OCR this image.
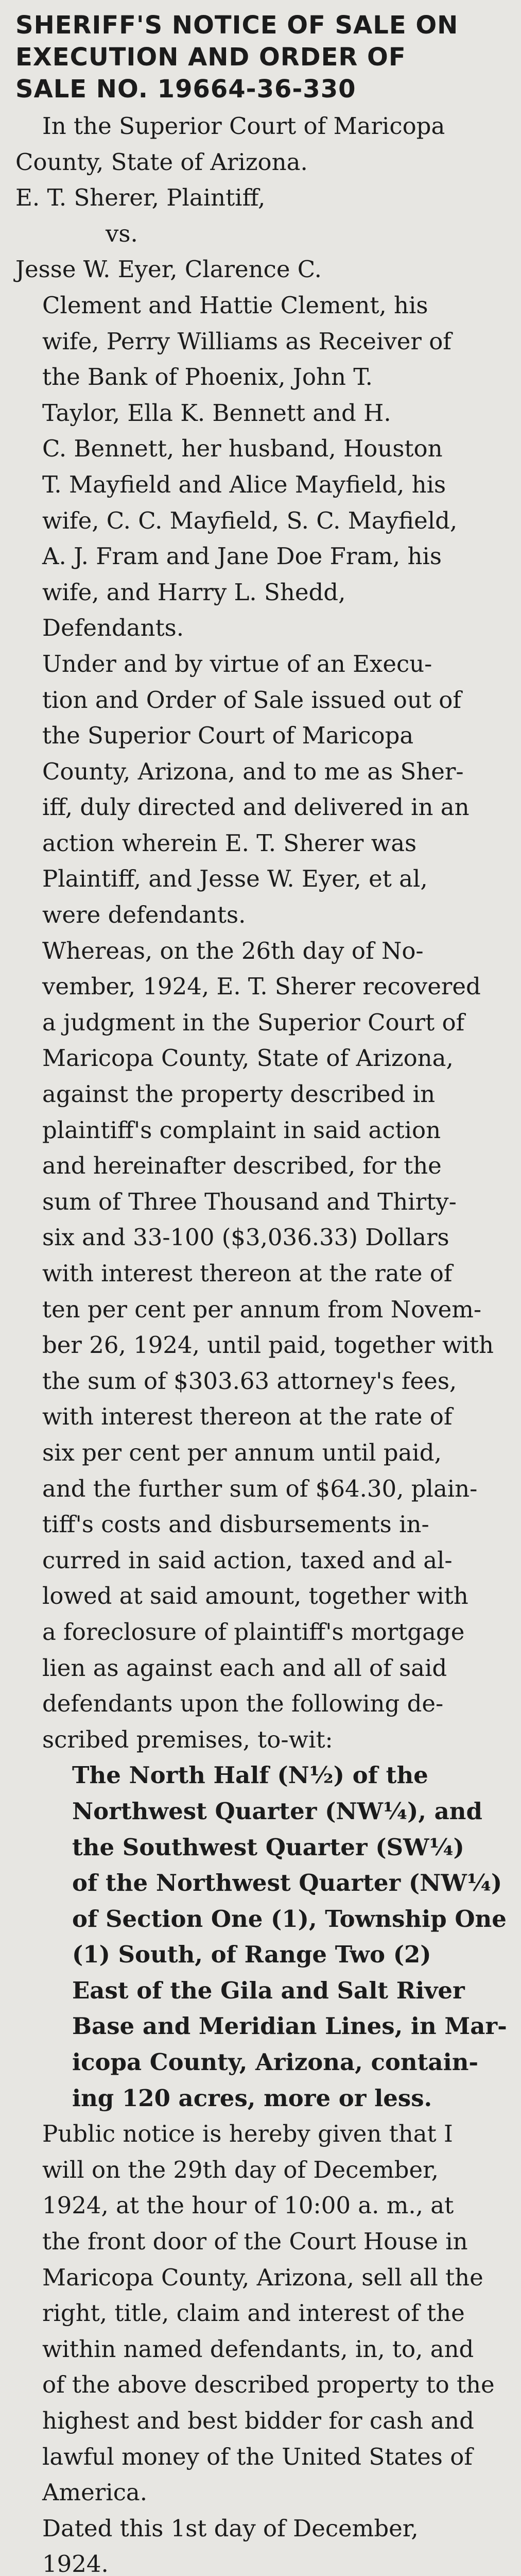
SHERIFF'S NOTICE OF SALE ON
EXECUTION AND ORDER OF
SALE NO. 19664-36-330
In the Superior Court of Maricopa
County, State of Arizona.
E. T. Sherer, Plaintiff,
vs.
Jesse W. Eyer, Clarence C.
Clement and Hattie Clement, his
wife, Perry Williams as Receiver of
the Bank of Phoenix, John T.
Taylor, Ella K. Bennett and H.
C. Bennett, her husband, Houston
T. Mayfield and Alice Mayfield, his
wife, C. C. Mayfield, S. C. Mayfield,
A. J. Fram and Jane Doe Fram, his
wife, and Harry L. Shedd,
Defendants.
Under and by virtue of an Execu-
tion and Order of Sale issued out of
the Superior Court of Maricopa
County, Arizona, and to me as Sher-
iff, duly directed and delivered in an
action wherein E. T. Sherer was
Plaintiff, and Jesse W. Eyer, et al,
were defendants.
Whereas, on the 26th day of No-
vember, 1924, E. T. Sherer recovered
a judgment in the Superior Court of
Maricopa County, State of Arizona,
against the property described in
plaintiff's complaint in said action
and hereinafter described, for the
sum of Three Thousand and Thirty-
six and 33-100 ($3,036.33) Dollars
with interest thereon at the rate of
ten per cent per annum from Novem-
ber 26, 1924, until paid, together with
the sum of $303.63 attorney's fees,
with interest thereon at the rate of
six per cent per annum until paid,
and the further sum of $64.30, plain-
tiff's costs and disbursements in-
curred in said action, taxed and al-
lowed at said amount, together with
a foreclosure of plaintiff's mortgage
lien as against each and all of said
defendants upon the following de-
scribed premises, to-wit:
The North Half (N½) of the
Northwest Quarter (NW¼), and
the Southwest Quarter (SW¼)
of the Northwest Quarter (NW¼)
of Section One (1), Township One
(1) South, of Range Two (2)
East of the Gila and Salt River
Base and Meridian Lines, in Mar-
icopa County, Arizona, contain-
ing 120 acres, more or less.
Public notice is hereby given that I
will on the 29th day of December,
1924, at the hour of 10:00 a. m., at
the front door of the Court House in
Maricopa County, Arizona, sell all the
right, title, claim and interest of the
within named defendants, in, to, and
of the above described property to the
highest and best bidder for cash and
lawful money of the United States of
America.
Dated this 1st day of December,
1924.
